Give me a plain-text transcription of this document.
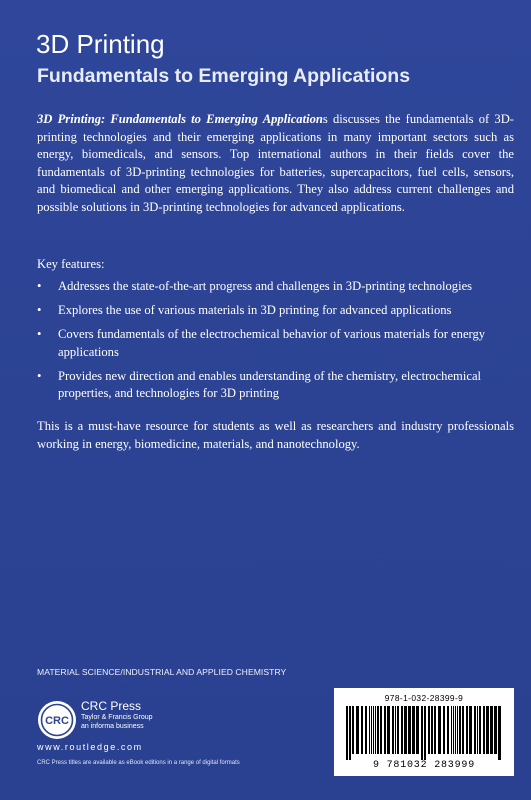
3D Printing
Fundamentals to Emerging Applications

3D Printing: Fundamentals to Emerging Applications discusses the fundamentals of 3D-printing technologies and their emerging applications in many important sectors such as energy, biomedicals, and sensors. Top international authors in their fields cover the fundamentals of 3D-printing technologies for batteries, supercapacitors, fuel cells, sensors, and biomedical and other emerging applications. They also address current challenges and possible solutions in 3D-printing technologies for advanced applications.

Key features:

•	Addresses the state-of-the-art progress and challenges in 3D-printing technologies
•	Explores the use of various materials in 3D printing for advanced applications
•	Covers fundamentals of the electrochemical behavior of various materials for energy applications
•	Provides new direction and enables understanding of the chemistry, electrochemical properties, and technologies for 3D printing

This is a must-have resource for students as well as researchers and industry professionals working in energy, biomedicine, materials, and nanotechnology.

MATERIAL SCIENCE/INDUSTRIAL AND APPLIED CHEMISTRY
CRC
CRC Press
Taylor & Francis Group
an informa business
www.routledge.com
CRC Press titles are available as eBook editions in a range of digital formats
978-1-032-28399-9
9 781032 283999
